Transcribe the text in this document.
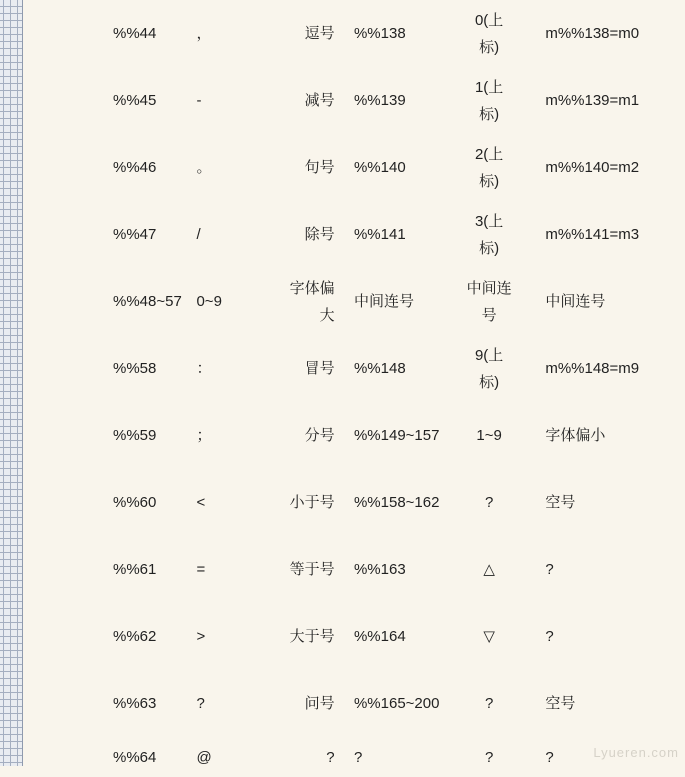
%%44	，	逗号	%%138	0(上标)	m%%138=m0
%%45	-	减号	%%139	1(上标)	m%%139=m1
%%46	。	句号	%%140	2(上标)	m%%140=m2
%%47	/	除号	%%141	3(上标)	m%%141=m3
%%48~57	0~9	字体偏大	中间连号	中间连号	中间连号
%%58	：	冒号	%%148	9(上标)	m%%148=m9
%%59	；	分号	%%149~157	1~9	字体偏小
%%60	<	小于号	%%158~162	?	空号
%%61	=	等于号	%%163	△	?
%%62	>	大于号	%%164	▽	?
%%63	?	问号	%%165~200	?	空号
%%64	@	?	?	?	?	Lyueren.com
